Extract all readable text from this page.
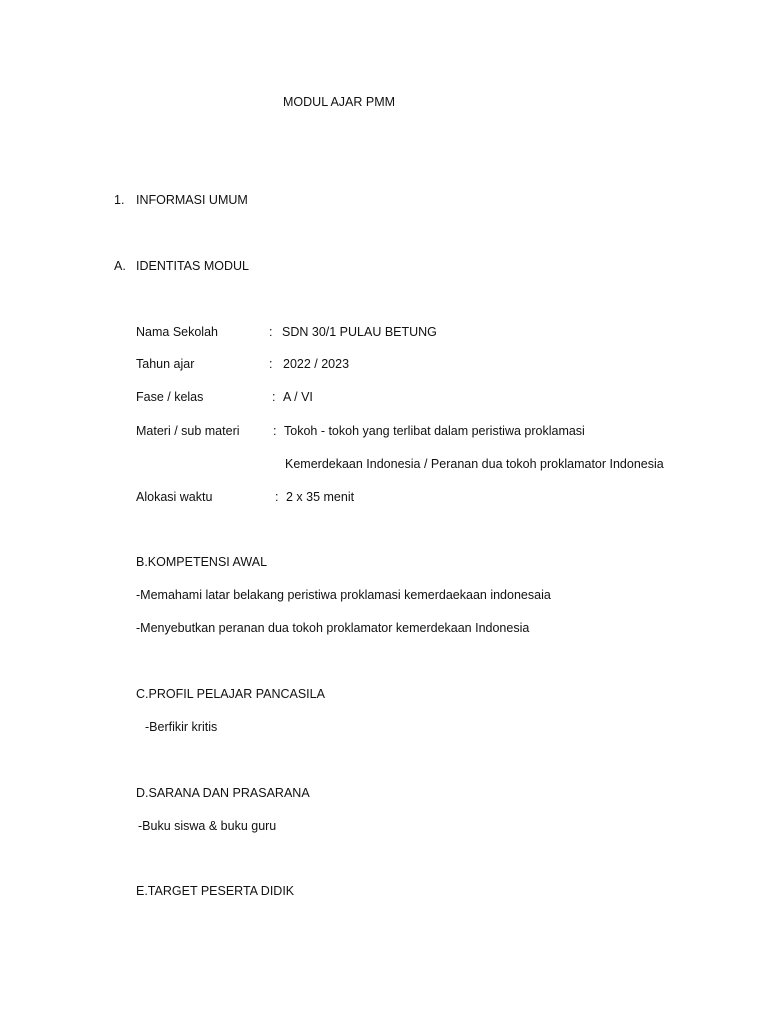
MODUL AJAR PMM
1. INFORMASI UMUM
A. IDENTITAS MODUL
Nama Sekolah	: SDN 30/1 PULAU BETUNG
Tahun ajar	: 2022 / 2023
Fase / kelas	: A / VI
Materi / sub materi	: Tokoh - tokoh yang terlibat dalam peristiwa proklamasi
Kemerdekaan Indonesia / Peranan dua tokoh proklamator Indonesia
Alokasi waktu	: 2 x 35 menit
B.KOMPETENSI AWAL
-Memahami latar belakang peristiwa proklamasi kemerdaekaan indonesaia
-Menyebutkan peranan dua tokoh proklamator kemerdekaan Indonesia
C.PROFIL PELAJAR PANCASILA
-Berfikir kritis
D.SARANA DAN PRASARANA
-Buku siswa & buku guru
E.TARGET PESERTA DIDIK
